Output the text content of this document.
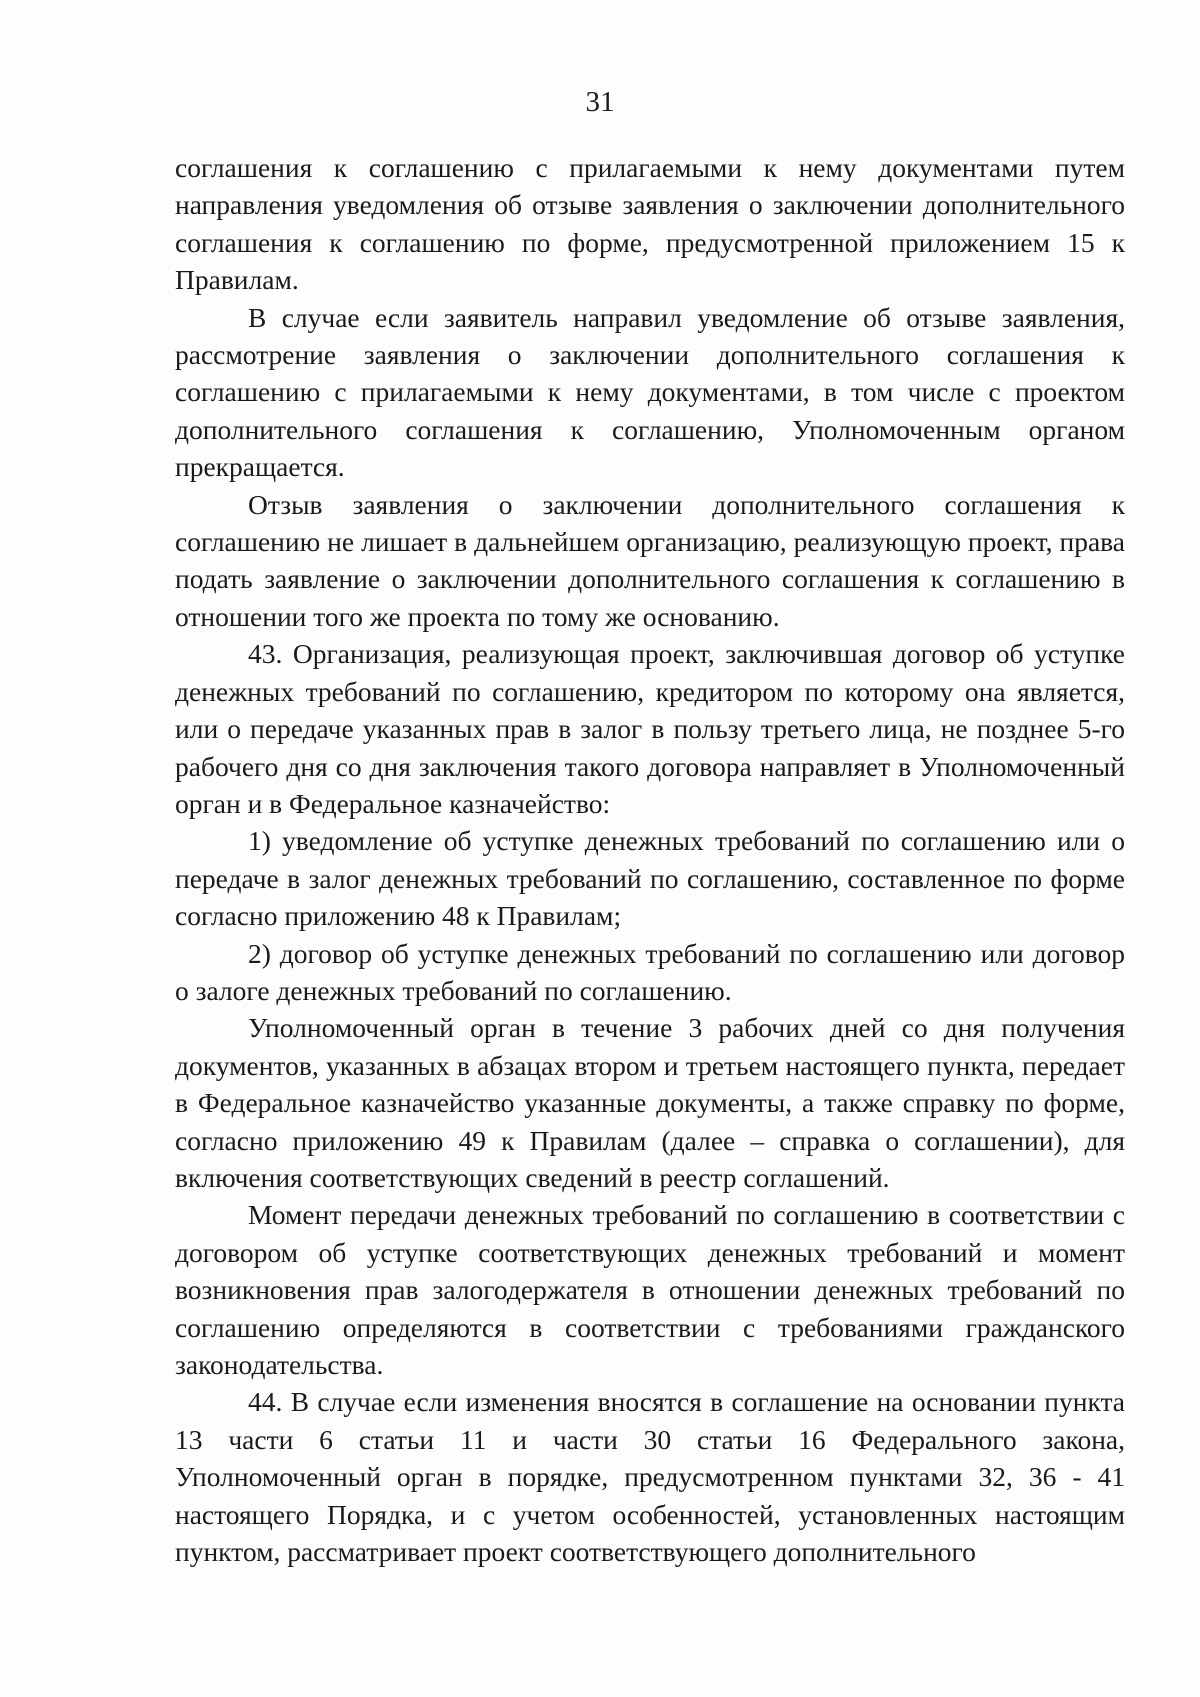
31

соглашения к соглашению с прилагаемыми к нему документами путем направления уведомления об отзыве заявления о заключении дополнительного соглашения к соглашению по форме, предусмотренной приложением 15 к Правилам.

В случае если заявитель направил уведомление об отзыве заявления, рассмотрение заявления о заключении дополнительного соглашения к соглашению с прилагаемыми к нему документами, в том числе с проектом дополнительного соглашения к соглашению, Уполномоченным органом прекращается.

Отзыв заявления о заключении дополнительного соглашения к соглашению не лишает в дальнейшем организацию, реализующую проект, права подать заявление о заключении дополнительного соглашения к соглашению в отношении того же проекта по тому же основанию.

43. Организация, реализующая проект, заключившая договор об уступке денежных требований по соглашению, кредитором по которому она является, или о передаче указанных прав в залог в пользу третьего лица, не позднее 5-го рабочего дня со дня заключения такого договора направляет в Уполномоченный орган и в Федеральное казначейство:

1) уведомление об уступке денежных требований по соглашению или о передаче в залог денежных требований по соглашению, составленное по форме согласно приложению 48 к Правилам;

2) договор об уступке денежных требований по соглашению или договор о залоге денежных требований по соглашению.

Уполномоченный орган в течение 3 рабочих дней со дня получения документов, указанных в абзацах втором и третьем настоящего пункта, передает в Федеральное казначейство указанные документы, а также справку по форме, согласно приложению 49 к Правилам (далее – справка о соглашении), для включения соответствующих сведений в реестр соглашений.

Момент передачи денежных требований по соглашению в соответствии с договором об уступке соответствующих денежных требований и момент возникновения прав залогодержателя в отношении денежных требований по соглашению определяются в соответствии с требованиями гражданского законодательства.

44. В случае если изменения вносятся в соглашение на основании пункта 13 части 6 статьи 11 и части 30 статьи 16 Федерального закона, Уполномоченный орган в порядке, предусмотренном пунктами 32, 36 - 41 настоящего Порядка, и с учетом особенностей, установленных настоящим пунктом, рассматривает проект соответствующего дополнительного
